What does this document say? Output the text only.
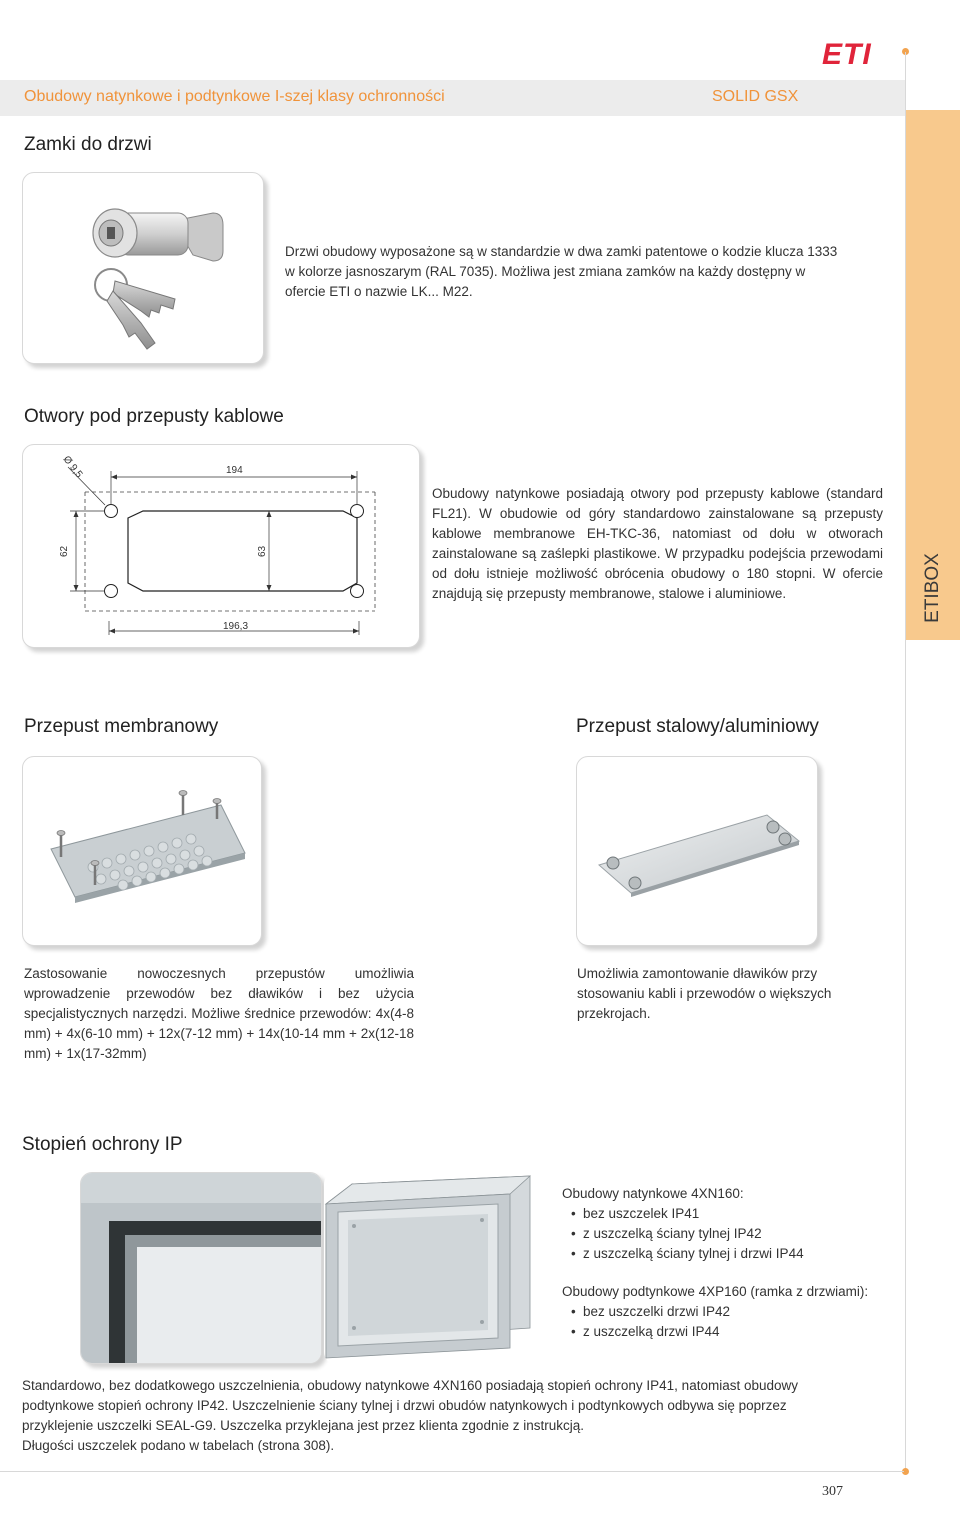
ETI
Obudowy natynkowe i podtynkowe I-szej klasy ochronności	SOLID GSX
ETIBOX
Zamki do drzwi
Drzwi obudowy wyposażone są w standardzie w dwa zamki patentowe o kodzie klucza 1333 w kolorze jasnoszarym (RAL 7035). Możliwa jest zmiana zamków na każdy dostępny w ofercie ETI o nazwie LK... M22.
Otwory pod przepusty kablowe
194
196,3
62	63
Ø 9,5
Obudowy natynkowe posiadają otwory pod przepusty kablowe (standard FL21). W obudowie od góry standardowo zainstalowane są przepusty kablowe membranowe EH-TKC-36, natomiast od dołu w otworach zainstalowane są zaślepki plastikowe. W przypadku podejścia przewodami od dołu istnieje możliwość obrócenia obudowy o 180 stopni. W ofercie znajdują się przepusty membranowe, stalowe i aluminiowe.
Przepust membranowy	Przepust stalowy/aluminiowy
Zastosowanie nowoczesnych przepustów umożliwia wprowadzenie przewodów bez dławików i bez użycia specjalistycznych narzędzi. Możliwe średnice przewodów: 4x(4-8 mm) + 4x(6-10 mm) + 12x(7-12 mm) + 14x(10-14 mm + 2x(12-18 mm) + 1x(17-32mm)
Umożliwia zamontowanie dławików przy stosowaniu kabli i przewodów o większych przekrojach.
Stopień ochrony IP
Obudowy natynkowe 4XN160:
• bez uszczelek IP41
• z uszczelką ściany tylnej IP42
• z uszczelką ściany tylnej i drzwi IP44
Obudowy podtynkowe 4XP160 (ramka z drzwiami):
• bez uszczelki drzwi IP42
• z uszczelką drzwi IP44
Standardowo, bez dodatkowego uszczelnienia, obudowy natynkowe 4XN160 posiadają stopień ochrony IP41, natomiast obudowy
podtynkowe stopień ochrony IP42. Uszczelnienie ściany tylnej i drzwi obudów natynkowych i podtynkowych odbywa się poprzez
przyklejenie uszczelki SEAL-G9. Uszczelka przyklejana jest przez klienta zgodnie z instrukcją.
Długości uszczelek podano w tabelach (strona 308).
307
